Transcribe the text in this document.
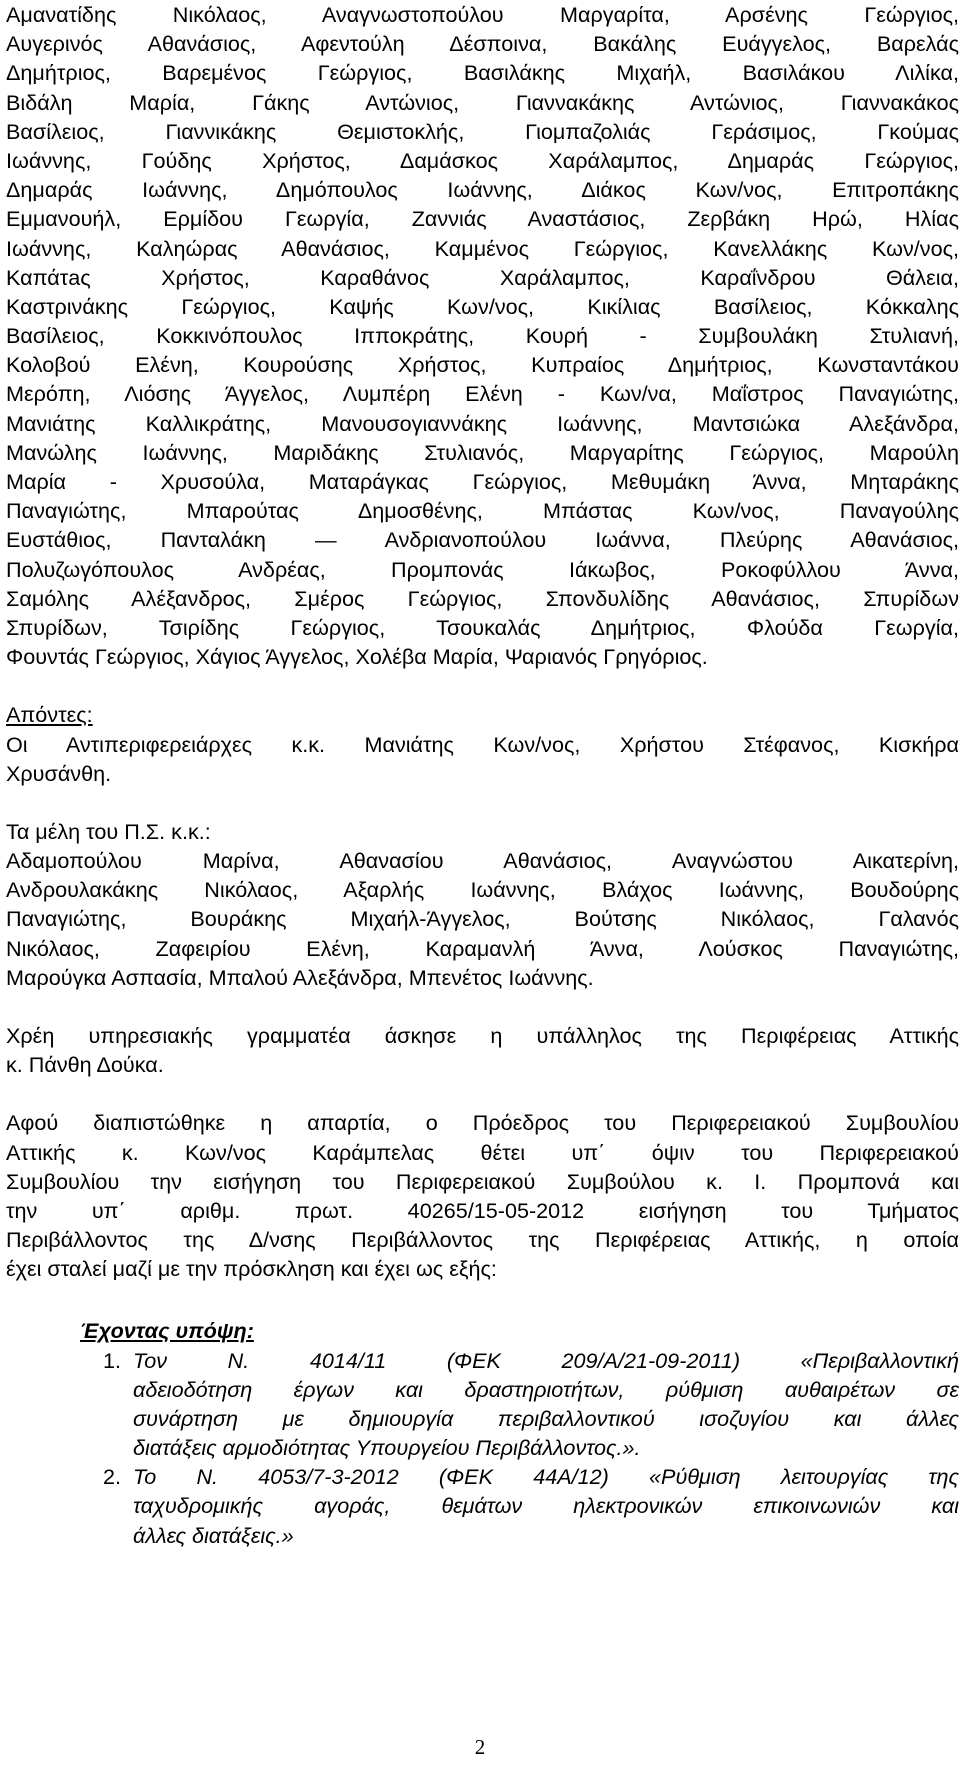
Αμανατίδης Νικόλαος, Αναγνωστοπούλου Μαργαρίτα, Αρσένης Γεώργιος,
Αυγερινός Αθανάσιος, Αφεντούλη Δέσποινα, Βακάλης Ευάγγελος, Βαρελάς
Δημήτριος, Βαρεμένος Γεώργιος, Βασιλάκης Μιχαήλ, Βασιλάκου Λιλίκα,
Βιδάλη Μαρία, Γάκης Αντώνιος, Γιαννακάκης Αντώνιος, Γιαννακάκος
Βασίλειος, Γιαννικάκης Θεμιστοκλής, Γιομπαζολιάς Γεράσιμος, Γκούμας
Ιωάννης, Γούδης Χρήστος, Δαμάσκος Χαράλαμπος, Δημαράς Γεώργιος,
Δημαράς Ιωάννης, Δημόπουλος Ιωάννης, Διάκος Κων/νος, Επιτροπάκης
Εμμανουήλ, Ερμίδου Γεωργία, Ζαννιάς Αναστάσιος, Ζερβάκη Ηρώ, Ηλίας
Ιωάννης, Καληώρας Αθανάσιος, Καμμένος Γεώργιος, Κανελλάκης Κων/νος,
Καπάτaς Χρήστος, Καραθάνος Χαράλαμπος, Καραΐνδρου Θάλεια,
Καστρινάκης Γεώργιος, Καψής Κων/νος, Κικίλιας Βασίλειος, Κόκκαλης
Βασίλειος, Κοκκινόπουλος Ιπποκράτης, Κουρή - Συμβουλάκη Στυλιανή,
Κολοβού Ελένη, Κουρούσης Χρήστος, Κυπραίος Δημήτριος, Κωνσταντάκου
Μερόπη, Λιόσης Άγγελος, Λυμπέρη Ελένη - Κων/να, Μαΐστρος Παναγιώτης,
Μανιάτης Καλλικράτης, Μανουσογιαννάκης Ιωάννης, Μαντσιώκα Αλεξάνδρα,
Μανώλης Ιωάννης, Μαριδάκης Στυλιανός, Μαργαρίτης Γεώργιος, Μαρούλη
Μαρία - Χρυσούλα, Ματαράγκας Γεώργιος, Μεθυμάκη Άννα, Μηταράκης
Παναγιώτης, Μπαρούτας Δημοσθένης, Μπάστας Κων/νος, Παναγούλης
Ευστάθιος, Πανταλάκη — Ανδριανοπούλου Ιωάννα, Πλεύρης Αθανάσιος,
Πολυζωγόπουλος Ανδρέας, Προμπονάς Ιάκωβος, Ροκοφύλλου Άννα,
Σαμόλης Αλέξανδρος, Σμέρος Γεώργιος, Σπονδυλίδης Αθανάσιος, Σπυρίδων
Σπυρίδων, Τσιρίδης Γεώργιος, Τσουκαλάς Δημήτριος, Φλούδα Γεωργία,
Φουντάς Γεώργιος, Χάγιος Άγγελος, Χολέβα Μαρία, Ψαριανός Γρηγόριος.
Απόντες:
Οι Αντιπεριφερειάρχες κ.κ. Μανιάτης Κων/νος, Χρήστου Στέφανος, Κισκήρα
Χρυσάνθη.
Τα μέλη του Π.Σ. κ.κ.:
Αδαμοπούλου Μαρίνα, Αθανασίου Αθανάσιος, Αναγνώστου Αικατερίνη,
Ανδρουλακάκης Νικόλαος, Αξαρλής Ιωάννης, Βλάχος Ιωάννης, Βουδούρης
Παναγιώτης, Βουράκης Μιχαήλ-Άγγελος, Βούτσης Νικόλαος, Γαλανός
Νικόλαος, Ζαφειρίου Ελένη, Καραμανλή Άννα, Λούσκος Παναγιώτης,
Μαρούγκα Ασπασία, Μπαλού Αλεξάνδρα, Μπενέτος Ιωάννης.
Χρέη υπηρεσιακής γραμματέα άσκησε η υπάλληλος της Περιφέρειας Αττικής
κ. Πάνθη Δούκα.
Αφού διαπιστώθηκε η απαρτία, ο Πρόεδρος του Περιφερειακού Συμβουλίου
Αττικής κ. Κων/νος Καράμπελας θέτει υπ΄ όψιν του Περιφερειακού
Συμβουλίου την εισήγηση του Περιφερειακού Συμβούλου κ. Ι. Προμπονά και
την υπ΄ αριθμ. πρωτ. 40265/15-05-2012 εισήγηση του Τμήματος
Περιβάλλοντος της Δ/νσης Περιβάλλοντος της Περιφέρειας Αττικής, η οποία
έχει σταλεί μαζί με την πρόσκληση και έχει ως εξής:
Έχοντας υπόψη:
1. Τον Ν. 4014/11 (ΦΕΚ 209/Α/21-09-2011) «Περιβαλλοντική
αδειοδότηση έργων και δραστηριοτήτων, ρύθμιση αυθαιρέτων σε
συνάρτηση με δημιουργία περιβαλλοντικού ισοζυγίου και άλλες
διατάξεις αρμοδιότητας Υπουργείου Περιβάλλοντος.».
2. Το Ν. 4053/7-3-2012 (ΦΕΚ 44Α/12) «Ρύθμιση λειτουργίας της
ταχυδρομικής αγοράς, θεμάτων ηλεκτρονικών επικοινωνιών και
άλλες διατάξεις.»
2
